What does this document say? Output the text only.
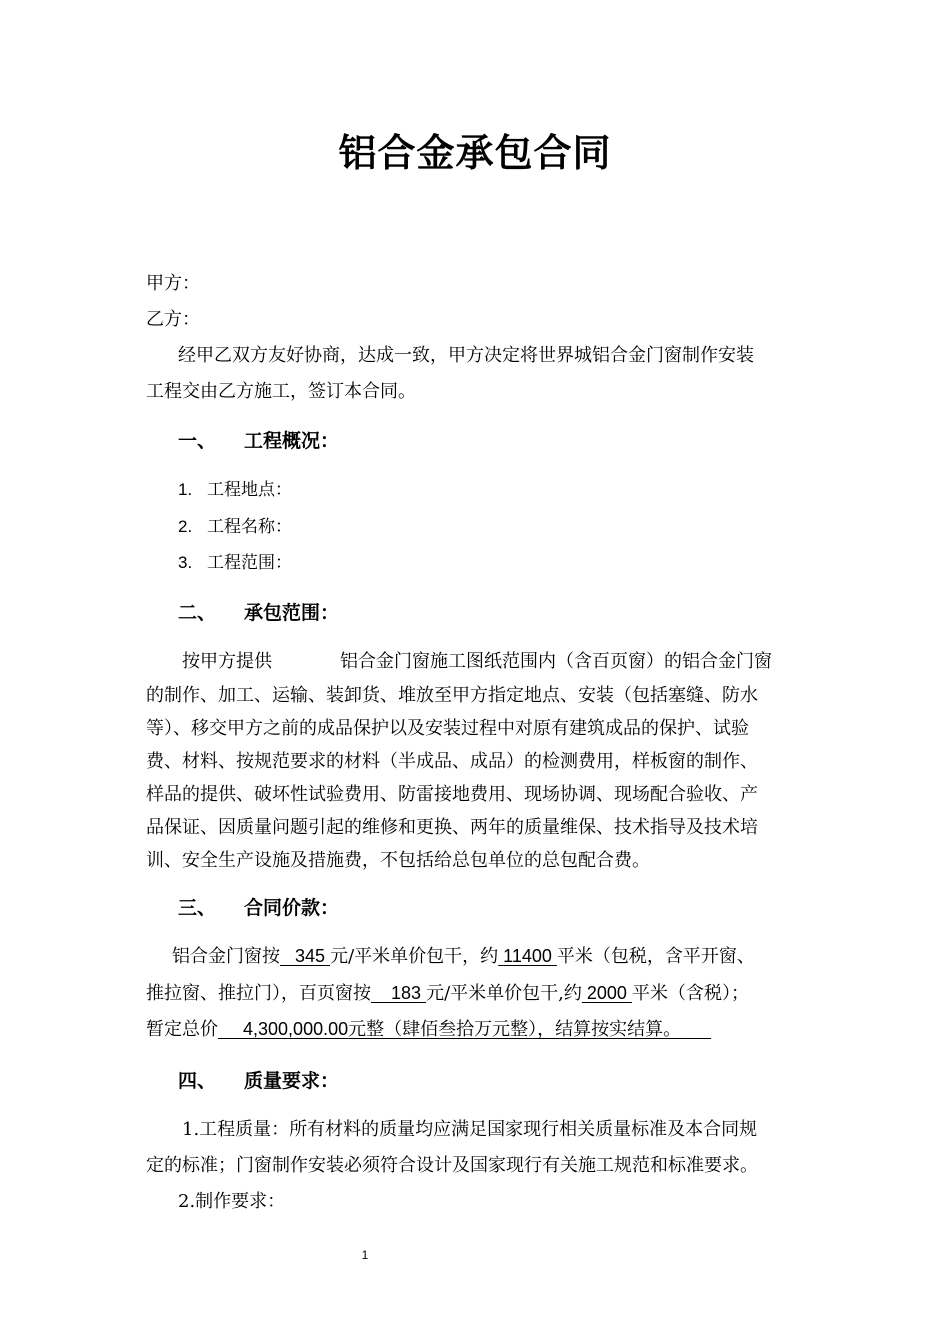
铝合金承包合同
甲方：
乙方：
经甲乙双方友好协商，达成一致，甲方决定将世界城铝合金门窗制作安装
工程交由乙方施工，签订本合同。
一、 工程概况：
1. 工程地点：
2. 工程名称：
3. 工程范围：
二、 承包范围：
按甲方提供	铝合金门窗施工图纸范围内（含百页窗）的铝合金门窗
的制作、加工、运输、装卸货、堆放至甲方指定地点、安装（包括塞缝、防水
等）、移交甲方之前的成品保护以及安装过程中对原有建筑成品的保护、试验
费、材料、按规范要求的材料（半成品、成品）的检测费用，样板窗的制作、
样品的提供、破坏性试验费用、防雷接地费用、现场协调、现场配合验收、产
品保证、因质量问题引起的维修和更换、两年的质量维保、技术指导及技术培
训、安全生产设施及措施费，不包括给总包单位的总包配合费。
三、 合同价款：
铝合金门窗按 345 元/平米单价包干，约 11400 平米（包税，含平开窗、
推拉窗、推拉门），百页窗按 183 元/平米单价包干,约 2000 平米（含税）；
暂定总价 4,300,000.00元整（肆佰叁拾万元整），结算按实结算。
四、 质量要求：
1.工程质量：所有材料的质量均应满足国家现行相关质量标准及本合同规
定的标准；门窗制作安装必须符合设计及国家现行有关施工规范和标准要求。
2.制作要求：
1
